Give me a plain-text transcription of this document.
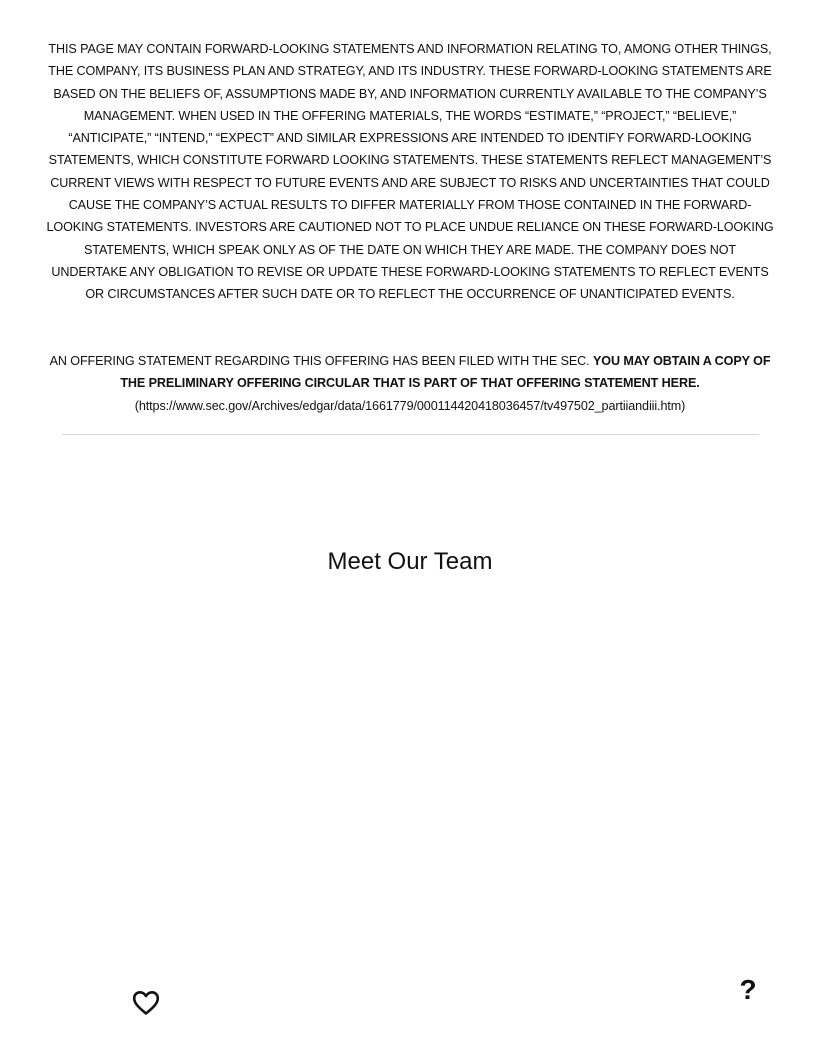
THIS PAGE MAY CONTAIN FORWARD-LOOKING STATEMENTS AND INFORMATION RELATING TO, AMONG OTHER THINGS, THE COMPANY, ITS BUSINESS PLAN AND STRATEGY, AND ITS INDUSTRY. THESE FORWARD-LOOKING STATEMENTS ARE BASED ON THE BELIEFS OF, ASSUMPTIONS MADE BY, AND INFORMATION CURRENTLY AVAILABLE TO THE COMPANY’S MANAGEMENT. WHEN USED IN THE OFFERING MATERIALS, THE WORDS “ESTIMATE,” “PROJECT,” “BELIEVE,” “ANTICIPATE,” “INTEND,” “EXPECT” AND SIMILAR EXPRESSIONS ARE INTENDED TO IDENTIFY FORWARD-LOOKING STATEMENTS, WHICH CONSTITUTE FORWARD LOOKING STATEMENTS. THESE STATEMENTS REFLECT MANAGEMENT’S CURRENT VIEWS WITH RESPECT TO FUTURE EVENTS AND ARE SUBJECT TO RISKS AND UNCERTAINTIES THAT COULD CAUSE THE COMPANY’S ACTUAL RESULTS TO DIFFER MATERIALLY FROM THOSE CONTAINED IN THE FORWARD-LOOKING STATEMENTS. INVESTORS ARE CAUTIONED NOT TO PLACE UNDUE RELIANCE ON THESE FORWARD-LOOKING STATEMENTS, WHICH SPEAK ONLY AS OF THE DATE ON WHICH THEY ARE MADE. THE COMPANY DOES NOT UNDERTAKE ANY OBLIGATION TO REVISE OR UPDATE THESE FORWARD-LOOKING STATEMENTS TO REFLECT EVENTS OR CIRCUMSTANCES AFTER SUCH DATE OR TO REFLECT THE OCCURRENCE OF UNANTICIPATED EVENTS.
AN OFFERING STATEMENT REGARDING THIS OFFERING HAS BEEN FILED WITH THE SEC. YOU MAY OBTAIN A COPY OF THE PRELIMINARY OFFERING CIRCULAR THAT IS PART OF THAT OFFERING STATEMENT HERE.
(https://www.sec.gov/Archives/edgar/data/1661779/000114420418036457/tv497502_partiiandiii.htm)
Meet Our Team
?
